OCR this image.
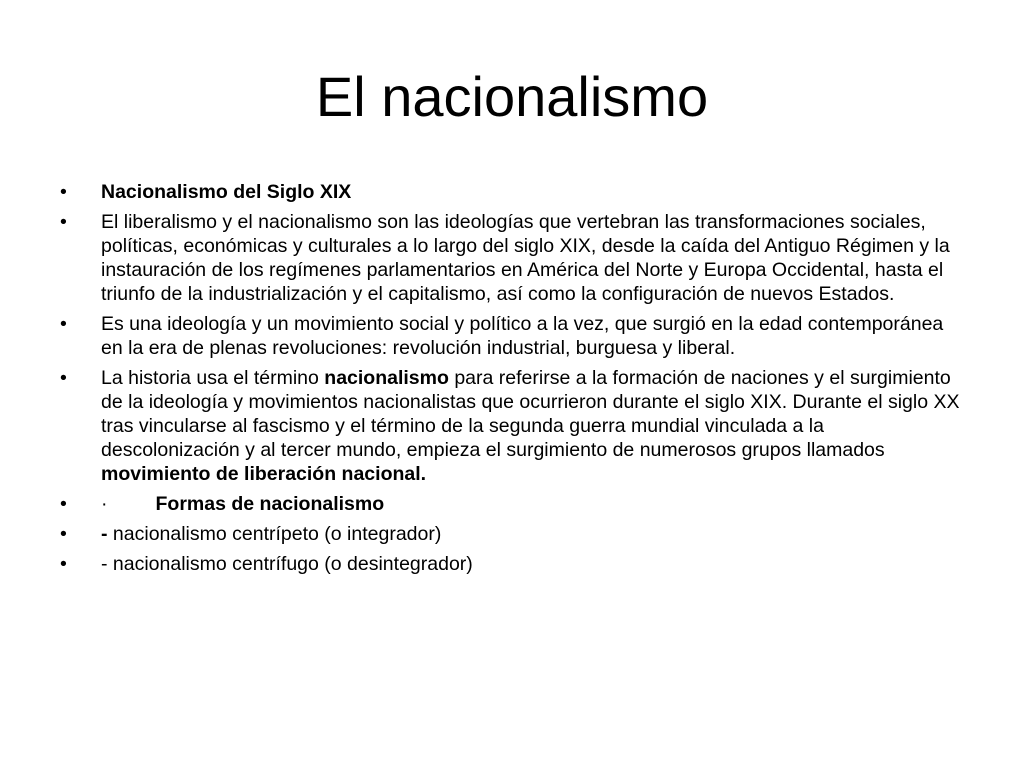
El nacionalismo
•	Nacionalismo del Siglo XIX
•	El liberalismo y el nacionalismo son las ideologías que vertebran las transformaciones sociales, políticas, económicas y culturales a lo largo del siglo XIX, desde la caída del Antiguo Régimen y la instauración de los regímenes parlamentarios en América del Norte y Europa Occidental, hasta el triunfo de la industrialización y el capitalismo, así como la configuración de nuevos Estados.
•	Es una ideología y un movimiento social y político a la vez, que surgió en la edad contemporánea en la era de plenas revoluciones: revolución industrial, burguesa y liberal.
•	La historia usa el término nacionalismo para referirse a la formación de naciones y el surgimiento de la ideología y movimientos nacionalistas que ocurrieron durante el siglo XIX. Durante el siglo XX tras vincularse al fascismo y el término de la segunda guerra mundial vinculada a la descolonización y al tercer mundo, empieza el surgimiento de numerosos grupos llamados movimiento de liberación nacional.
•	· Formas de nacionalismo
•	- nacionalismo centrípeto (o integrador)
•	- nacionalismo centrífugo (o desintegrador)
